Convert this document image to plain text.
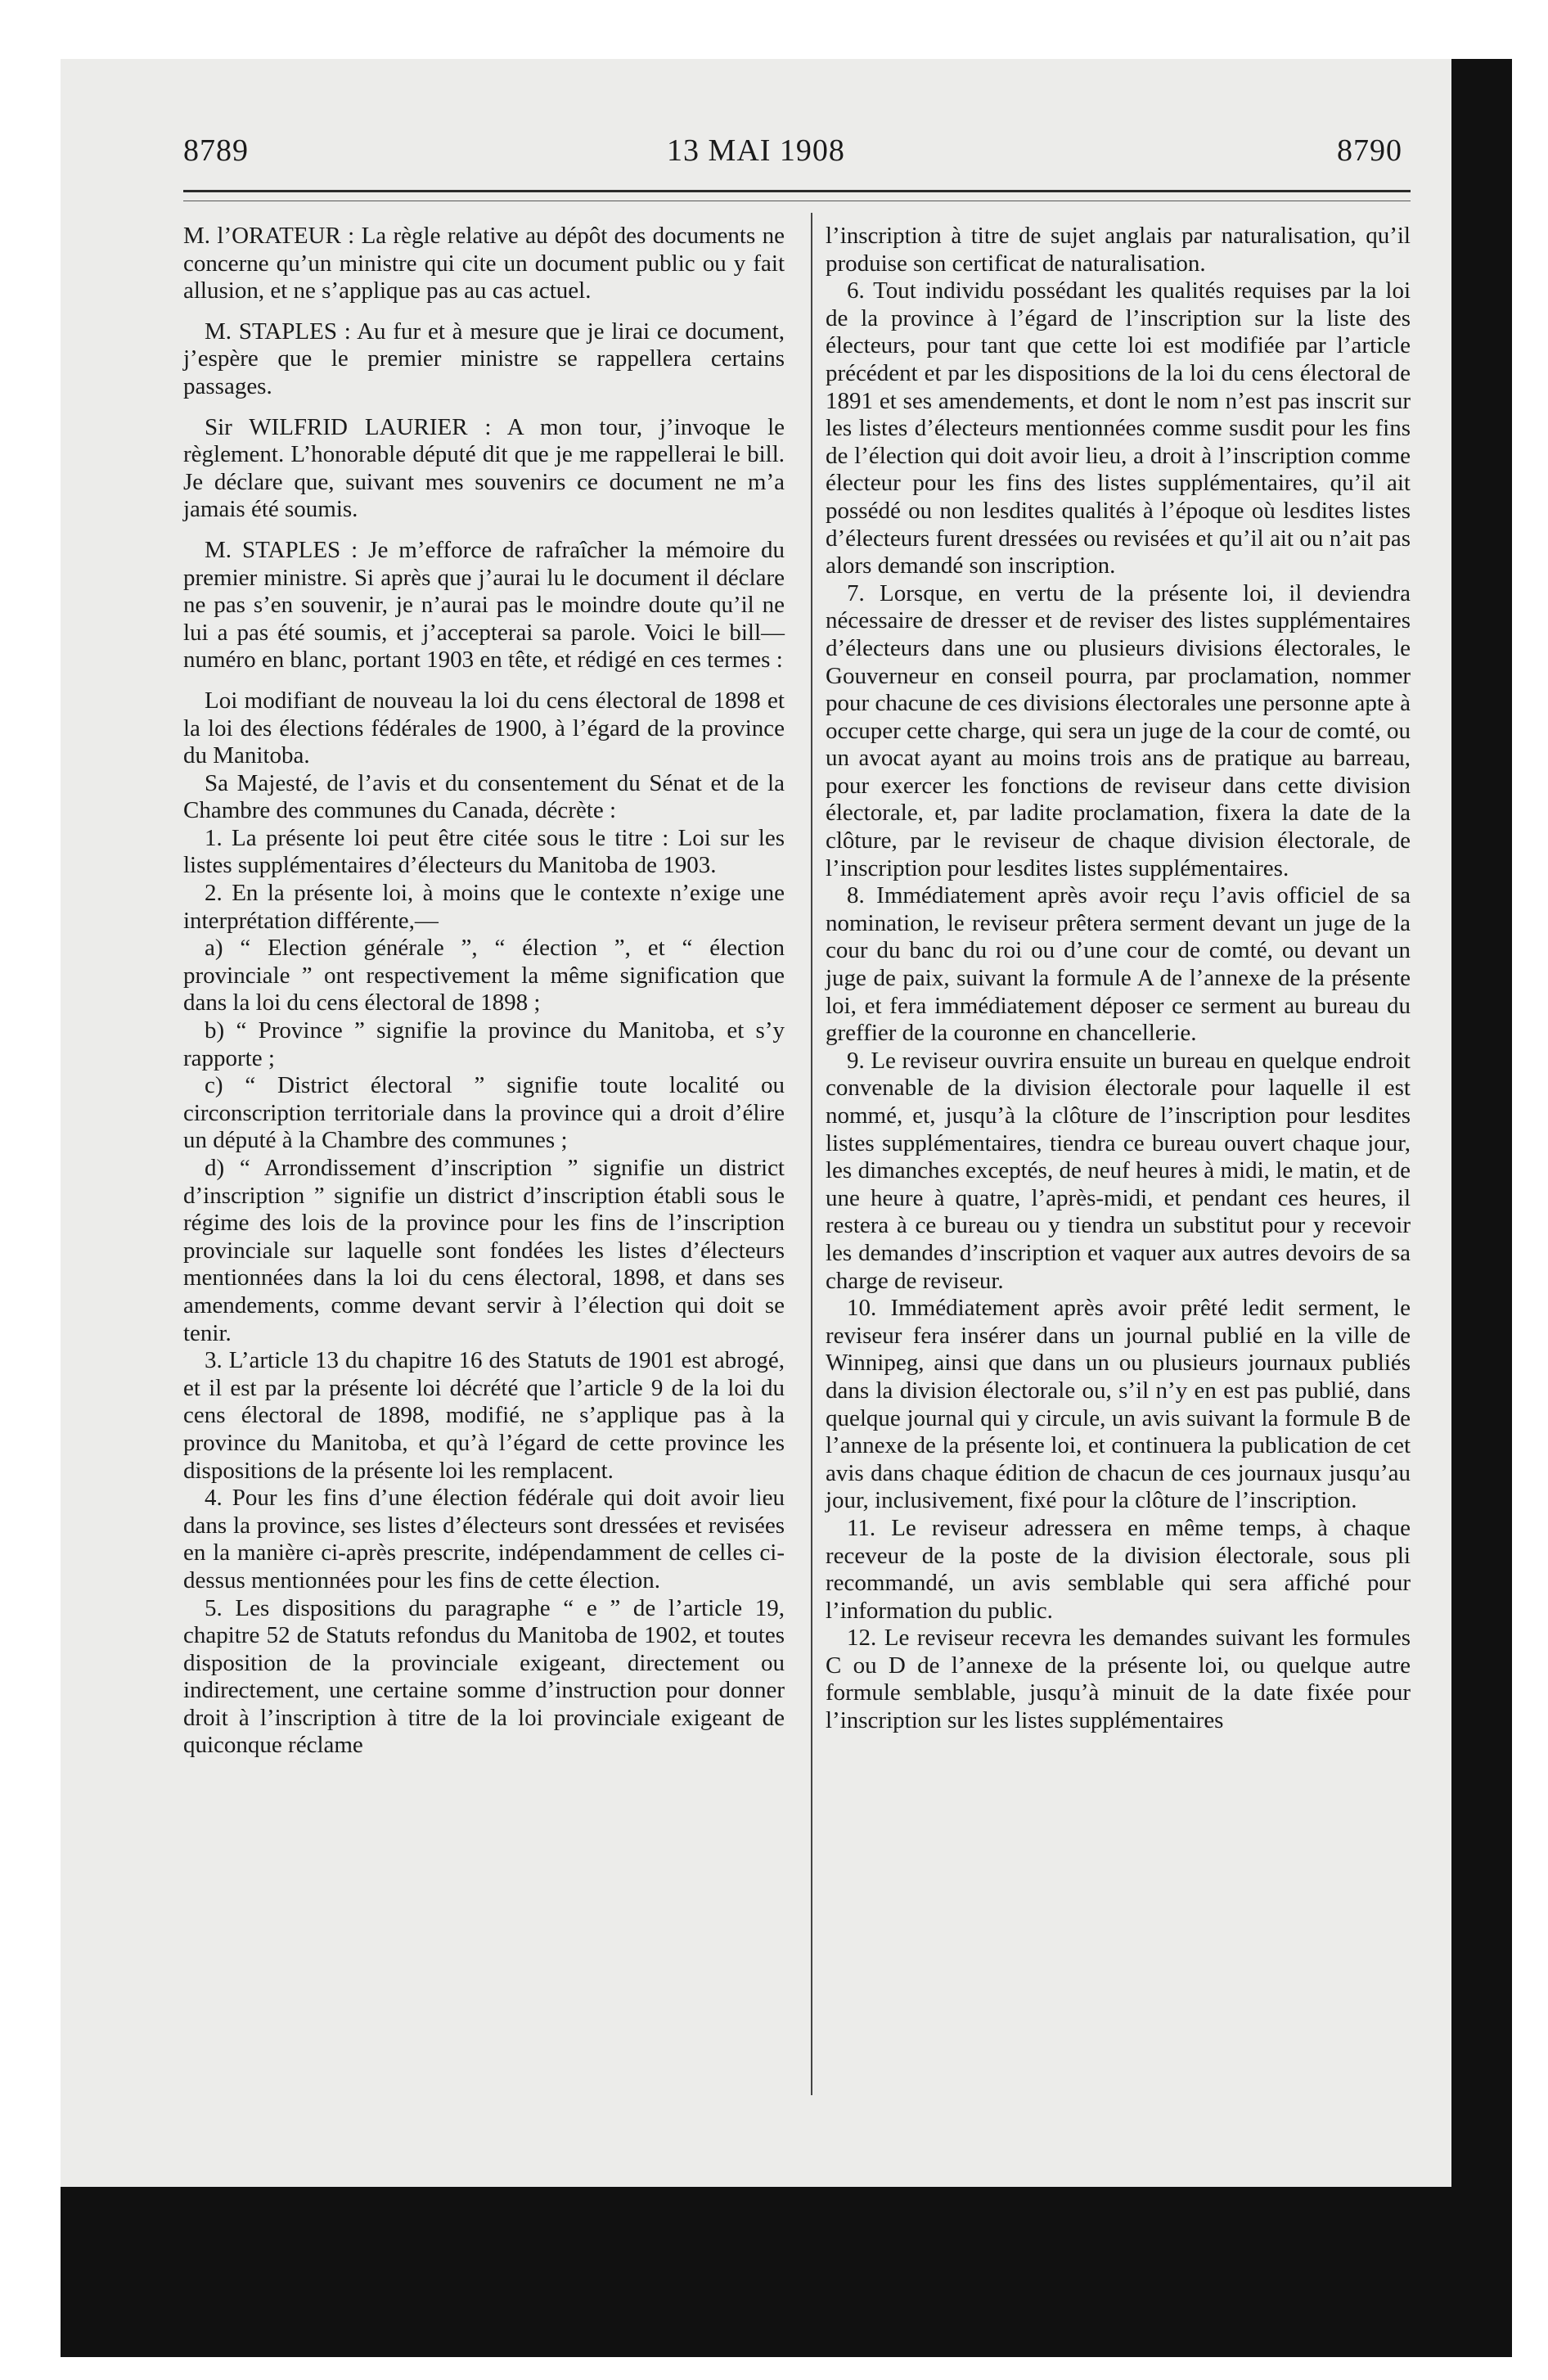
8789	13 MAI 1908	8790

M. l’ORATEUR : La règle relative au dépôt des documents ne concerne qu’un ministre qui cite un document public ou y fait allusion, et ne s’applique pas au cas actuel.

M. STAPLES : Au fur et à mesure que je lirai ce document, j’espère que le premier ministre se rappellera certains passages.

Sir WILFRID LAURIER : A mon tour, j’invoque le règlement. L’honorable député dit que je me rappellerai le bill. Je déclare que, suivant mes souvenirs ce document ne m’a jamais été soumis.

M. STAPLES : Je m’efforce de rafraîcher la mémoire du premier ministre. Si après que j’aurai lu le document il déclare ne pas s’en souvenir, je n’aurai pas le moindre doute qu’il ne lui a pas été soumis, et j’accepterai sa parole. Voici le bill—numéro en blanc, portant 1903 en tête, et rédigé en ces termes :

Loi modifiant de nouveau la loi du cens électoral de 1898 et la loi des élections fédérales de 1900, à l’égard de la province du Manitoba.

Sa Majesté, de l’avis et du consentement du Sénat et de la Chambre des communes du Canada, décrète :

1. La présente loi peut être citée sous le titre : Loi sur les listes supplémentaires d’électeurs du Manitoba de 1903.

2. En la présente loi, à moins que le contexte n’exige une interprétation différente,—

a) “ Election générale ”, “ élection ”, et “ élection provinciale ” ont respectivement la même signification que dans la loi du cens électoral de 1898 ;

b) “ Province ” signifie la province du Manitoba, et s’y rapporte ;

c) “ District électoral ” signifie toute localité ou circonscription territoriale dans la province qui a droit d’élire un député à la Chambre des communes ;

d) “ Arrondissement d’inscription ” signifie un district d’inscription ” signifie un district d’inscription établi sous le régime des lois de la province pour les fins de l’inscription provinciale sur laquelle sont fondées les listes d’électeurs mentionnées dans la loi du cens électoral, 1898, et dans ses amendements, comme devant servir à l’élection qui doit se tenir.

3. L’article 13 du chapitre 16 des Statuts de 1901 est abrogé, et il est par la présente loi décrété que l’article 9 de la loi du cens électoral de 1898, modifié, ne s’applique pas à la province du Manitoba, et qu’à l’égard de cette province les dispositions de la présente loi les remplacent.

4. Pour les fins d’une élection fédérale qui doit avoir lieu dans la province, ses listes d’électeurs sont dressées et revisées en la manière ci-après prescrite, indépendamment de celles ci-dessus mentionnées pour les fins de cette élection.

5. Les dispositions du paragraphe “ e ” de l’article 19, chapitre 52 de Statuts refondus du Manitoba de 1902, et toutes disposition de la provinciale exigeant, directement ou indirectement, une certaine somme d’instruction pour donner droit à l’inscription à titre de la loi provinciale exigeant de quiconque réclame

l’inscription à titre de sujet anglais par naturalisation, qu’il produise son certificat de naturalisation.

6. Tout individu possédant les qualités requises par la loi de la province à l’égard de l’inscription sur la liste des électeurs, pour tant que cette loi est modifiée par l’article précédent et par les dispositions de la loi du cens électoral de 1891 et ses amendements, et dont le nom n’est pas inscrit sur les listes d’électeurs mentionnées comme susdit pour les fins de l’élection qui doit avoir lieu, a droit à l’inscription comme électeur pour les fins des listes supplémentaires, qu’il ait possédé ou non lesdites qualités à l’époque où lesdites listes d’électeurs furent dressées ou revisées et qu’il ait ou n’ait pas alors demandé son inscription.

7. Lorsque, en vertu de la présente loi, il deviendra nécessaire de dresser et de reviser des listes supplémentaires d’électeurs dans une ou plusieurs divisions électorales, le Gouverneur en conseil pourra, par proclamation, nommer pour chacune de ces divisions électorales une personne apte à occuper cette charge, qui sera un juge de la cour de comté, ou un avocat ayant au moins trois ans de pratique au barreau, pour exercer les fonctions de reviseur dans cette division électorale, et, par ladite proclamation, fixera la date de la clôture, par le reviseur de chaque division électorale, de l’inscription pour lesdites listes supplémentaires.

8. Immédiatement après avoir reçu l’avis officiel de sa nomination, le reviseur prêtera serment devant un juge de la cour du banc du roi ou d’une cour de comté, ou devant un juge de paix, suivant la formule A de l’annexe de la présente loi, et fera immédiatement déposer ce serment au bureau du greffier de la couronne en chancellerie.

9. Le reviseur ouvrira ensuite un bureau en quelque endroit convenable de la division électorale pour laquelle il est nommé, et, jusqu’à la clôture de l’inscription pour lesdites listes supplémentaires, tiendra ce bureau ouvert chaque jour, les dimanches exceptés, de neuf heures à midi, le matin, et de une heure à quatre, l’après-midi, et pendant ces heures, il restera à ce bureau ou y tiendra un substitut pour y recevoir les demandes d’inscription et vaquer aux autres devoirs de sa charge de reviseur.

10. Immédiatement après avoir prêté ledit serment, le reviseur fera insérer dans un journal publié en la ville de Winnipeg, ainsi que dans un ou plusieurs journaux publiés dans la division électorale ou, s’il n’y en est pas publié, dans quelque journal qui y circule, un avis suivant la formule B de l’annexe de la présente loi, et continuera la publication de cet avis dans chaque édition de chacun de ces journaux jusqu’au jour, inclusivement, fixé pour la clôture de l’inscription.

11. Le reviseur adressera en même temps, à chaque receveur de la poste de la division électorale, sous pli recommandé, un avis semblable qui sera affiché pour l’information du public.

12. Le reviseur recevra les demandes suivant les formules C ou D de l’annexe de la présente loi, ou quelque autre formule semblable, jusqu’à minuit de la date fixée pour l’inscription sur les listes supplémentaires
